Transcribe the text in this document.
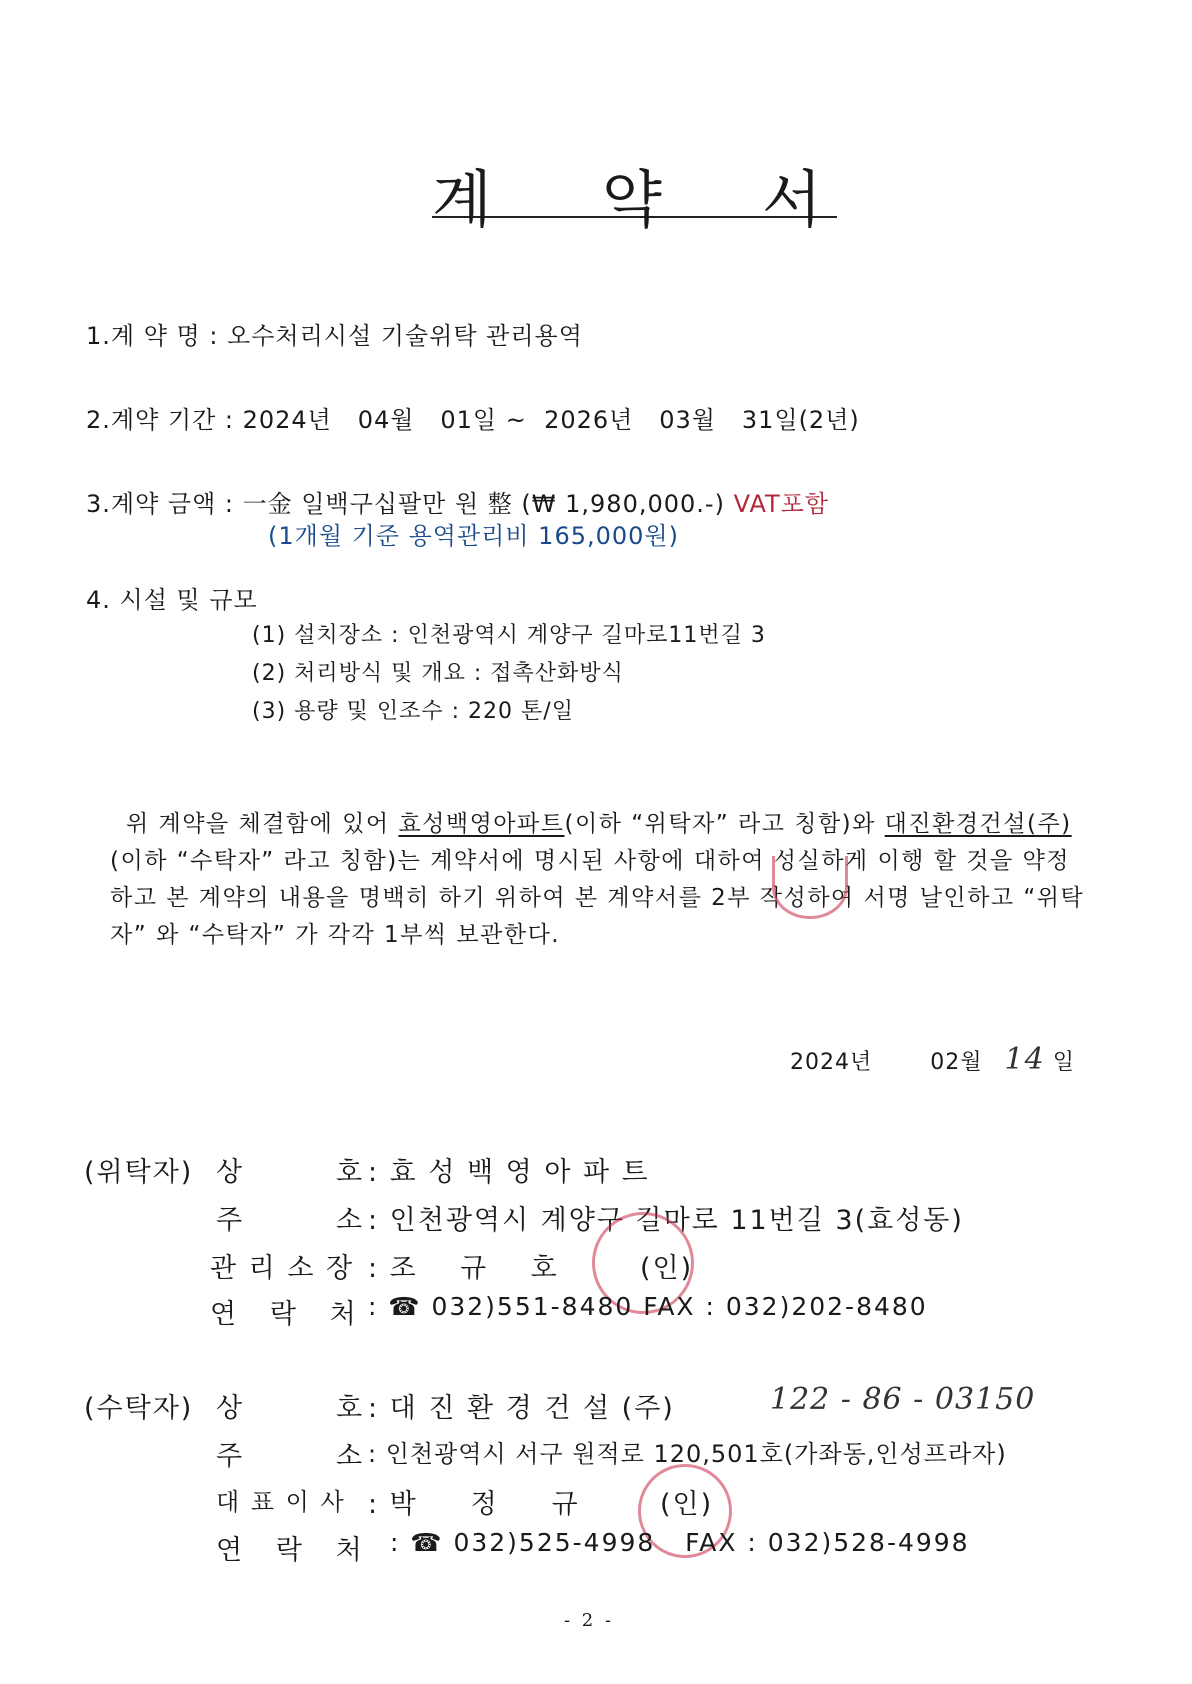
계 약 서
1.계 약 명 : 오수처리시설 기술위탁 관리용역
2.계약 기간 : 2024년   04월   01일 ~  2026년   03월   31일(2년)
3.계약 금액 : 一金 일백구십팔만 원 整 (₩ 1,980,000.-) VAT포함
(1개월 기준 용역관리비 165,000원)
4. 시설 및 규모
(1) 설치장소 : 인천광역시 계양구 길마로11번길 3
(2) 처리방식 및 개요 : 접촉산화방식
(3) 용량 및 인조수 : 220 톤/일
위 계약을 체결함에 있어 효성백영아파트(이하 “위탁자” 라고 칭함)와 대진환경건설(주) (이하 “수탁자” 라고 칭함)는 계약서에 명시된 사항에 대하여 성실하게 이행 할 것을 약정 하고 본 계약의 내용을 명백히 하기 위하여 본 계약서를 2부 작성하여 서명 날인하고 “위탁자” 와 “수탁자” 가 각각 1부씩 보관한다.
2024년	02월 14 일
(위탁자) 상	호 : 효 성 백 영 아 파 트
주	소 : 인천광역시 계양구 길마로 11번길 3(효성동)
관 리 소 장 : 조    규    호	(인)
연   락   처 : ☎ 032)551-8480 FAX : 032)202-8480
(수탁자) 상	호 : 대 진 환 경 건 설 (주)	122 - 86 - 03150
주	소 : 인천광역시 서구 원적로 120,501호(가좌동,인성프라자)
대 표 이 사 : 박     정     규	(인)
연   락   처 : ☎ 032)525-4998   FAX : 032)528-4998
- 2 -
